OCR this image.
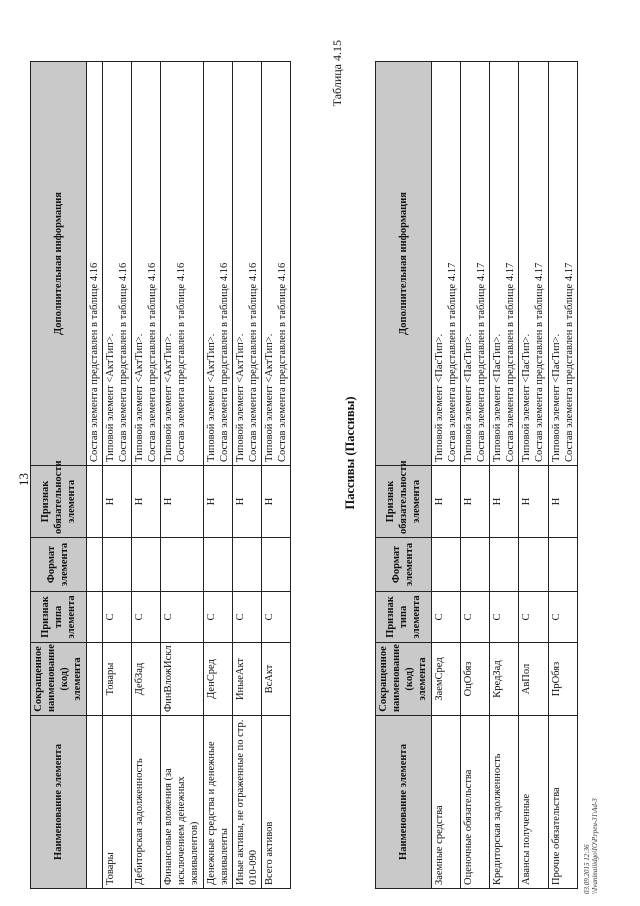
13
Наименование элемента	Сокращенное наименование (код) элемента	Признак типа элемента	Формат элемента	Признак обязательности элемента	Дополнительная информация
					Состав элемента представлен в таблице 4.16
Товары	Товары	С		Н	Типовой элемент <АктТип>.
Состав элемента представлен в таблице 4.16
Дебиторская задолженность	ДебЗад	С		Н	Типовой элемент <АктТип>.
Состав элемента представлен в таблице 4.16
Финансовые вложения (за исключением денежных эквивалентов)	ФинВложИскл	С		Н	Типовой элемент <АктТип>.
Состав элемента представлен в таблице 4.16
Денежные средства и денежные эквиваленты	ДенСред	С		Н	Типовой элемент <АктТип>.
Состав элемента представлен в таблице 4.16
Иные активы, не отраженные по стр. 010-090	ИныеАкт	С		Н	Типовой элемент <АктТип>.
Состав элемента представлен в таблице 4.16
Всего активов	ВсАкт	С		Н	Типовой элемент <АктТип>.
Состав элемента представлен в таблице 4.16
Таблица 4.15
Пассивы (Пассивы)
Наименование элемента	Сокращенное наименование (код) элемента	Признак типа элемента	Формат элемента	Признак обязательности элемента	Дополнительная информация
Заемные средства	ЗаемСред	С		Н	Типовой элемент <ПасТип>.
Состав элемента представлен в таблице 4.17
Оценочные обязательства	ОцОбяз	С		Н	Типовой элемент <ПасТип>.
Состав элемента представлен в таблице 4.17
Кредиторская задолженность	КредЗад	С		Н	Типовой элемент <ПасТип>.
Состав элемента представлен в таблице 4.17
Авансы полученные	АвПол	С		Н	Типовой элемент <ПасТип>.
Состав элемента представлен в таблице 4.17
Прочие обязательства	ПрОбяз	С		Н	Типовой элемент <ПасТип>.
Состав элемента представлен в таблице 4.17
03.09.2015 12:36
\\Ivaninaiiidgo\IO\P.rpeu-31\Ad-3
